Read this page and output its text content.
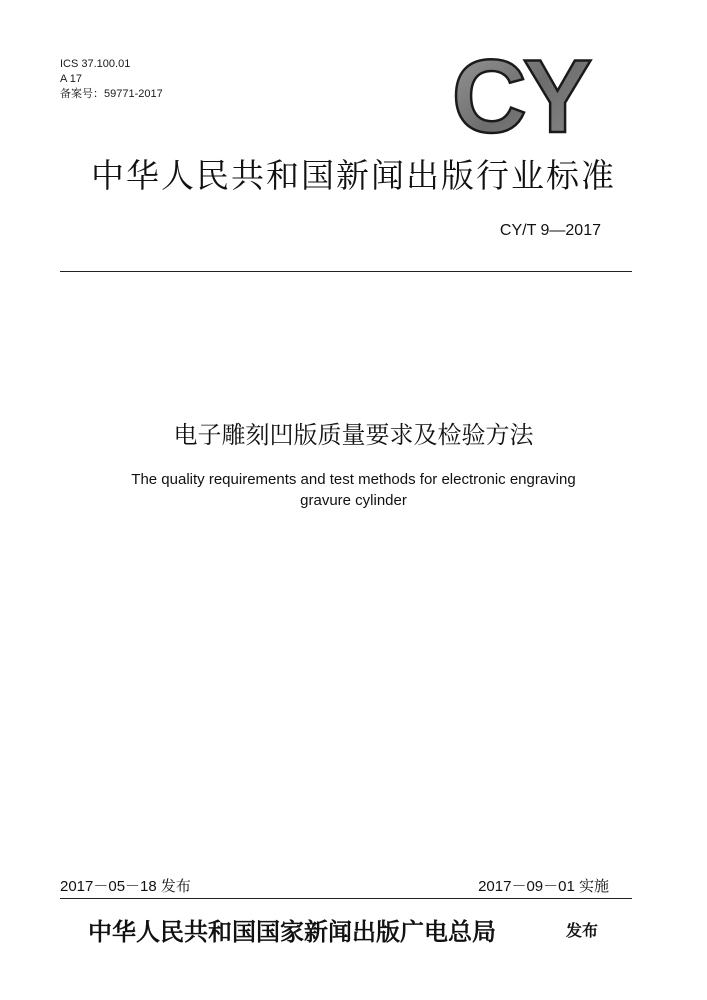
ICS 37.100.01
A 17
备案号：59771-2017	CY
中华人民共和国新闻出版行业标准
CY/T 9—2017
电子雕刻凹版质量要求及检验方法
The quality requirements and test methods for electronic engraving
gravure cylinder
2017－05－18 发布	2017－09－01 实施
中华人民共和国国家新闻出版广电总局	发布
